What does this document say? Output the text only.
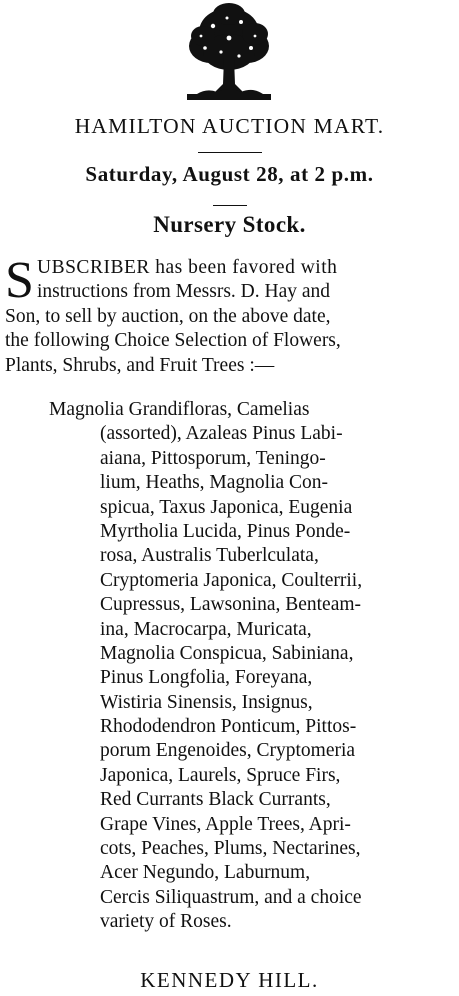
HAMILTON AUCTION MART.
Saturday, August 28, at 2 p.m.
Nursery Stock.
S UBSCRIBER has been favored with
instructions from Messrs. D. Hay and
Son, to sell by auction, on the above date,
the following Choice Selection of Flowers,
Plants, Shrubs, and Fruit Trees :—
Magnolia Grandifloras, Camelias
(assorted), Azaleas Pinus Labi-
aiana, Pittosporum, Teningo-
lium, Heaths, Magnolia Con-
spicua, Taxus Japonica, Eugenia
Myrtholia Lucida, Pinus Ponde-
rosa, Australis Tuberlculata,
Cryptomeria Japonica, Coulterrii,
Cupressus, Lawsonina, Benteam-
ina, Macrocarpa, Muricata,
Magnolia Conspicua, Sabiniana,
Pinus Longfolia, Foreyana,
Wistiria Sinensis, Insignus,
Rhododendron Ponticum, Pittos-
porum Engenoides, Cryptomeria
Japonica, Laurels, Spruce Firs,
Red Currants Black Currants,
Grape Vines, Apple Trees, Apri-
cots, Peaches, Plums, Nectarines,
Acer Negundo, Laburnum,
Cercis Siliquastrum, and a choice
variety of Roses.
KENNEDY HILL.
